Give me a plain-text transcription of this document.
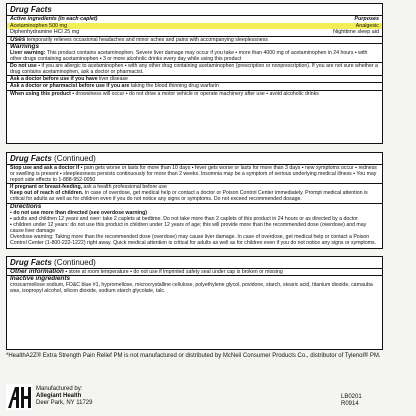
Drug Facts
Active ingredients (in each caplet)	Purposes
Acetaminophen 500 mg	Analgesic
Diphenhydramine HCl 25 mg	Nighttime sleep aid
Uses temporarily relieves occasional headaches and minor aches and pains with accompanying sleeplessness
Warnings
Liver warning: This product contains acetaminophen. Severe liver damage may occur if you take ▪ more than 4000 mg of acetaminophen in 24 hours ▪ with other drugs containing acetaminophen ▪ 3 or more alcoholic drinks every day while using this product
Do not use ▪ if you are allergic to acetaminophen ▪ with any other drug containing acetaminophen (prescription or nonprescription). If you are not sure whether a drug contains acetaminophen, ask a doctor or pharmacist.
Ask a doctor before use if you have liver disease
Ask a doctor or pharmacist before use if you are taking the blood thinning drug warfarin
When using this product ▪ drowsiness will occur ▪ do not drive a motor vehicle or operate machinery after use ▪ avoid alcoholic drinks
Drug Facts (Continued)
Stop use and ask a doctor if ▪ pain gets worse or lasts for more than 10 days ▪ fever gets worse or lasts for more than 3 days ▪ new symptoms occur ▪ redness or swelling is present ▪ sleeplessness persists continuously for more than 2 weeks. Insomnia may be a symptom of serious underlying medical illness ▪ You may report side effects to 1-888-952-0050
If pregnant or breast-feeding, ask a health professional before use
Keep out of reach of children. In case of overdose, get medical help or contact a doctor or Poison Control Center immediately. Prompt medical attention is critical for adults as well as for children even if you do not notice any signs or symptoms. Do not exceed recommended dosage.
Directions
▪ do not use more than directed (see overdose warning)
▪ adults and children 12 years and over: take 2 caplets at bedtime. Do not take more than 2 caplets of this product in 24 hours or as directed by a doctor
▪ children under 12 years: do not use this product in children under 12 years of age; this will provide more than the recommended dose (overdose) and may cause liver damage
Overdose warning: Taking more than the recommended dose (overdose) may cause liver damage. In case of overdose, get medical help or contact a Poison Control Center (1-800-222-1222) right away. Quick medical attention is critical for adults as well as for children even if you do not notice any signs or symptoms.
Drug Facts (Continued)
Other information ▪ store at room temperature ▪ do not use if imprinted safety seal under cap is broken or missing
Inactive ingredients
croscarmellose sodium, FD&C blue #1, hypromellose, microcrystalline cellulose, polyethylene glycol, povidone, starch, stearic acid, titanium dioxide, carnauba wax, isopropyl alcohol, silicon dioxide, sodium starch glycolate, talc.
*HealthA2Z® Extra Strength Pain Relief PM is not manufactured or distributed by McNeil Consumer Products Co., distributor of Tylenol® PM.
Manufactured by:
Allegiant Health
Deer Park, NY 11729
LB0201
R0914
